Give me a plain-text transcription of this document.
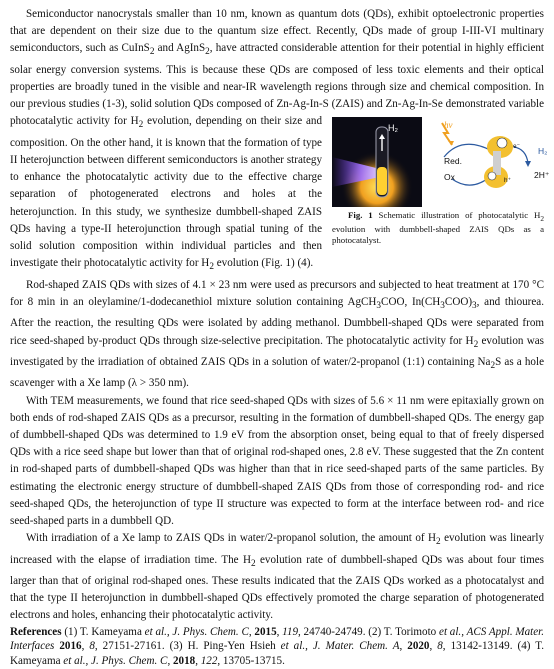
Semiconductor nanocrystals smaller than 10 nm, known as quantum dots (QDs), exhibit optoelectronic properties that are dependent on their size due to the quantum size effect. Recently, QDs made of group I-III-VI multinary semiconductors, such as CuInS$_2$ and AgInS$_2$, have attracted considerable attention for their potential in highly efficient solar energy conversion systems. This is because these QDs are composed of less toxic elements and their optical properties are broadly tuned in the visible and near-IR wavelength regions through size and chemical composition. In our previous studies (1-3), solid solution QDs composed of Zn-Ag-In-S (ZAIS) and Zn-Ag-In-Se demonstrated variable photocatalytic activity for $H_2$	H₂	hν
Red.
Ox
e⁻
h⁺
H₂
2H⁺
Fig. 1 Schematic illustration of photocatalytic $H_2$ evolution with dumbbell-shaped ZAIS QDs as a photocatalyst.
evolution, depending on their size and composition. On the other hand, it is known that the formation of type II heterojunction between different semiconductors is another strategy to enhance the photocatalytic activity due to the effective charge separation of photogenerated electrons and holes at the heterojunction. In this study, we synthesize dumbbell-shaped ZAIS QDs having a type-II heterojunction through spatial tuning of the solid solution composition within individual particles and then investigate their photocatalytic activity for $H_2$ evolution (Fig. 1) (4).

Rod-shaped ZAIS QDs with sizes of 4.1 × 23 nm were used as precursors and subjected to heat treatment at 170 °C for 8 min in an oleylamine/1-dodecanethiol mixture solution containing AgCH$_3$COO, $In(CH_3COO)_3$, and thiourea. After the reaction, the resulting QDs were isolated by adding methanol. Dumbbell-shaped QDs were separated from rice seed-shaped by-product QDs through size-selective precipitation. The photocatalytic activity for $H_2$ evolution was investigated by the irradiation of obtained ZAIS QDs in a solution of water/2-propanol (1:1) containing $Na_2S$ as a hole scavenger with a Xe lamp (λ > 350 nm).

With TEM measurements, we found that rice seed-shaped QDs with sizes of 5.6 × 11 nm were epitaxially grown on both ends of rod-shaped ZAIS QDs as a precursor, resulting in the formation of dumbbell-shaped QDs. The energy gap of dumbbell-shaped QDs was determined to 1.9 eV from the absorption onset, being equal to that of freely dispersed QDs with a rice seed shape but lower than that of original rod-shaped ones, 2.8 eV. These suggested that the Zn content in rod-shaped parts of dumbbell-shaped QDs was higher than that in rice seed-shaped parts of the same particles. By estimating the electronic energy structure of dumbbell-shaped ZAIS QDs from those of corresponding rod- and rice seed-shaped QDs, the heterojunction of type II structure was expected to form at the interface between rod- and rice seed-shaped parts in a dumbbell QD.

With irradiation of a Xe lamp to ZAIS QDs in water/2-propanol solution, the amount of $H_2$ evolution was linearly increased with the elapse of irradiation time. The $H_2$ evolution rate of dumbbell-shaped QDs was about four times larger than that of original rod-shaped ones. These results indicated that the ZAIS QDs worked as a photocatalyst and that the type II heterojunction in dumbbell-shaped QDs effectively promoted the charge separation of photogenerated electrons and holes, enhancing their photocatalytic activity.

References (1) T. Kameyama et al., J. Phys. Chem. C, 2015, 119, 24740-24749. (2) T. Torimoto et al., ACS Appl. Mater. Interfaces 2016, 8, 27151-27161. (3) H. Ping-Yen Hsieh et al., J. Mater. Chem. A, 2020, 8, 13142-13149. (4) T. Kameyama et al., J. Phys. Chem. C, 2018, 122, 13705-13715.
